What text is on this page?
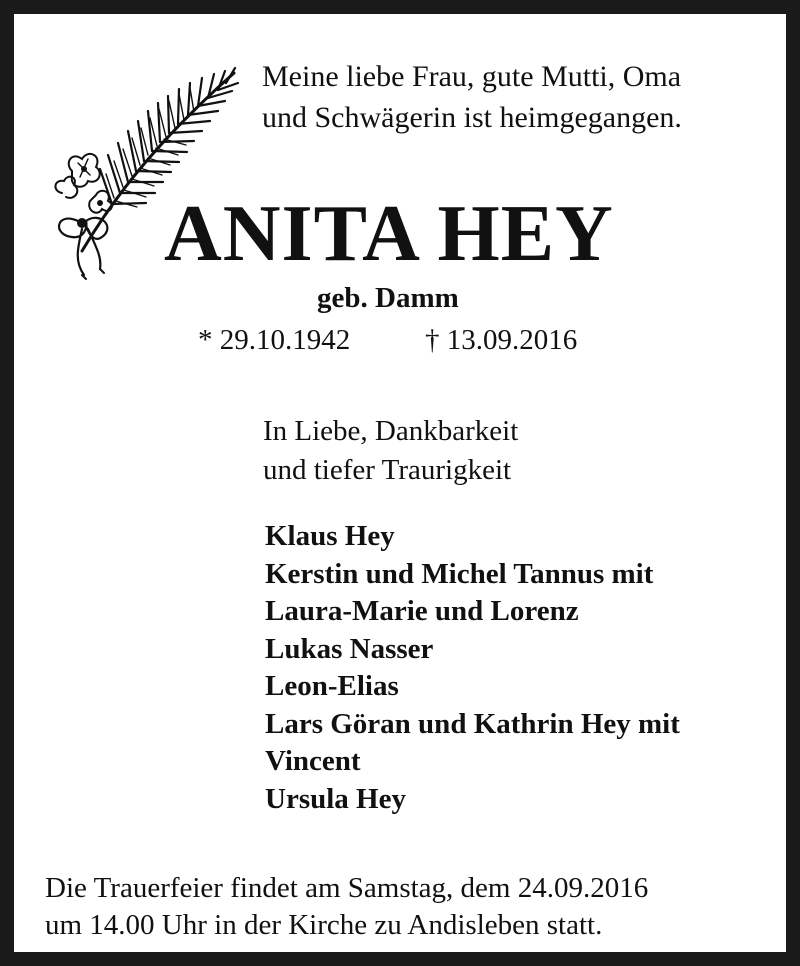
Meine liebe Frau, gute Mutti, Oma
und Schwägerin ist heimgegangen.
ANITA HEY
geb. Damm
* 29.10.1942	† 13.09.2016
In Liebe, Dankbarkeit
und tiefer Traurigkeit
Klaus Hey
Kerstin und Michel Tannus mit
Laura-Marie und Lorenz
Lukas Nasser
Leon-Elias
Lars Göran und Kathrin Hey mit
Vincent
Ursula Hey
Die Trauerfeier findet am Samstag, dem 24.09.2016
um 14.00 Uhr in der Kirche zu Andisleben statt.
